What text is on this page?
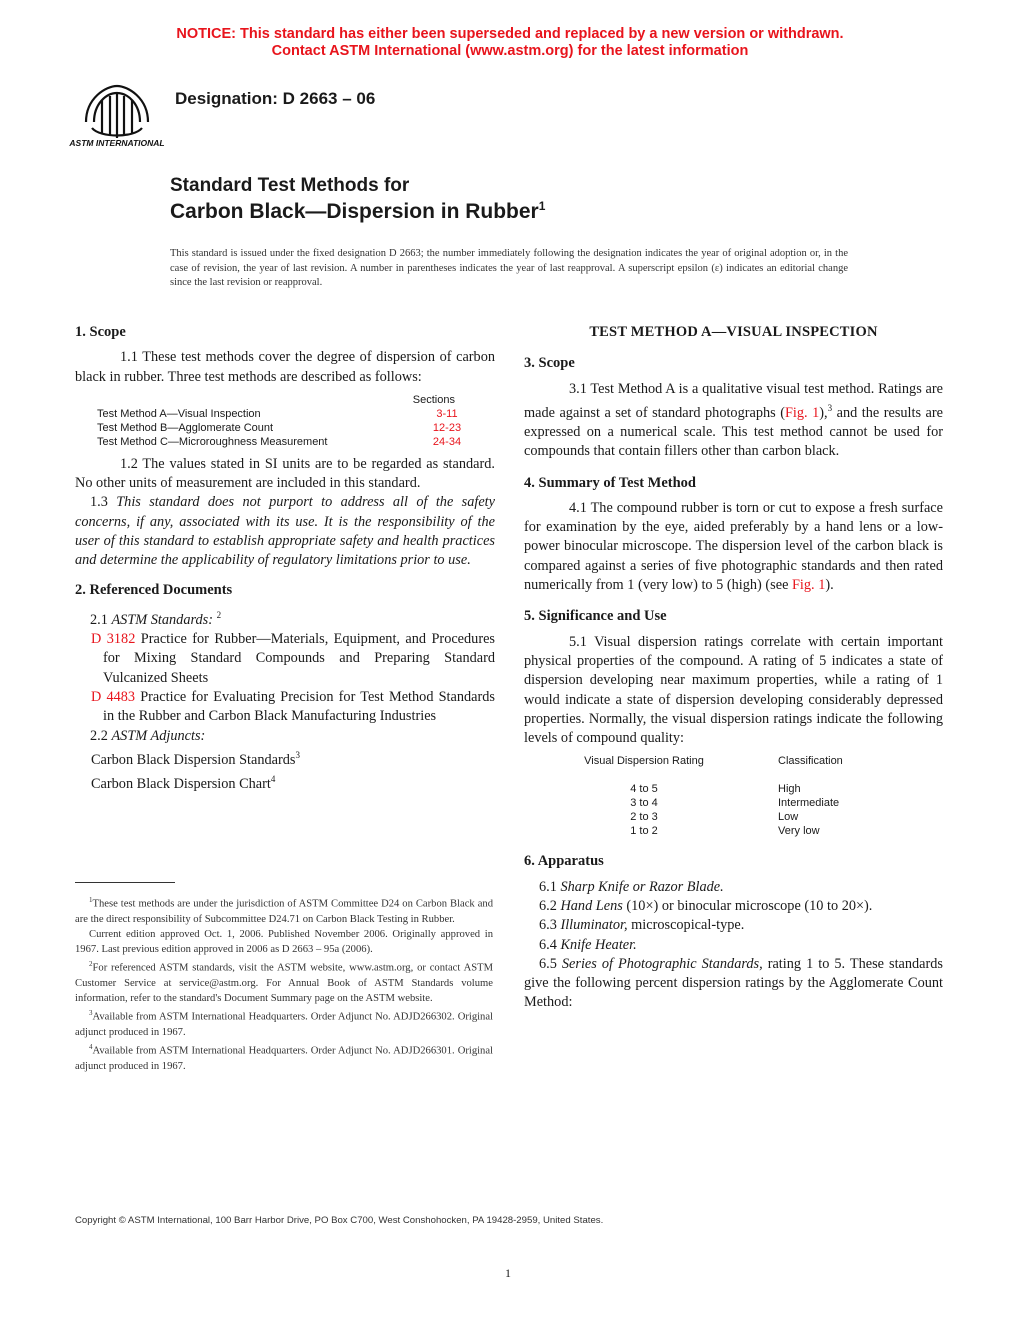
NOTICE: This standard has either been superseded and replaced by a new version or withdrawn.
Contact ASTM International (www.astm.org) for the latest information
ASTM INTERNATIONAL
Designation: D 2663 – 06
Standard Test Methods for
Carbon Black—Dispersion in Rubber$^1$
This standard is issued under the fixed designation D 2663; the number immediately following the designation indicates the year of original adoption or, in the case of revision, the year of last revision. A number in parentheses indicates the year of last reapproval. A superscript epsilon (ε) indicates an editorial change since the last revision or reapproval.
1. Scope

1.1 These test methods cover the degree of dispersion of carbon black in rubber. Three test methods are described as follows:

Sections
Test Method A—Visual Inspection	3-11
Test Method B—Agglomerate Count	12-23
Test Method C—Microroughness Measurement	24-34

1.2 The values stated in SI units are to be regarded as standard. No other units of measurement are included in this standard.

1.3 This standard does not purport to address all of the safety concerns, if any, associated with its use. It is the responsibility of the user of this standard to establish appropriate safety and health practices and determine the applicability of regulatory limitations prior to use.

2. Referenced Documents

2.1 ASTM Standards: $^2$

D 3182 Practice for Rubber—Materials, Equipment, and Procedures for Mixing Standard Compounds and Preparing Standard Vulcanized Sheets

D 4483 Practice for Evaluating Precision for Test Method Standards in the Rubber and Carbon Black Manufacturing Industries

2.2 ASTM Adjuncts:

Carbon Black Dispersion Standards$^3$

Carbon Black Dispersion Chart$^4$

$^1$These test methods are under the jurisdiction of ASTM Committee D24 on Carbon Black and are the direct responsibility of Subcommittee D24.71 on Carbon Black Testing in Rubber.

Current edition approved Oct. 1, 2006. Published November 2006. Originally approved in 1967. Last previous edition approved in 2006 as D 2663 – 95a (2006).

$^2$For referenced ASTM standards, visit the ASTM website, www.astm.org, or contact ASTM Customer Service at service@astm.org. For Annual Book of ASTM Standards volume information, refer to the standard's Document Summary page on the ASTM website.

$^3$Available from ASTM International Headquarters. Order Adjunct No. ADJD266302. Original adjunct produced in 1967.

$^4$Available from ASTM International Headquarters. Order Adjunct No. ADJD266301. Original adjunct produced in 1967.

TEST METHOD A—VISUAL INSPECTION
3. Scope

3.1 Test Method A is a qualitative visual test method. Ratings are made against a set of standard photographs (Fig. 1),$^3$ and the results are expressed on a numerical scale. This test method cannot be used for compounds that contain fillers other than carbon black.

4. Summary of Test Method

4.1 The compound rubber is torn or cut to expose a fresh surface for examination by the eye, aided preferably by a hand lens or a low-power binocular microscope. The dispersion level of the carbon black is compared against a series of five photographic standards and then rated numerically from 1 (very low) to 5 (high) (see Fig. 1).

5. Significance and Use

5.1 Visual dispersion ratings correlate with certain important physical properties of the compound. A rating of 5 indicates a state of dispersion developing near maximum properties, while a rating of 1 would indicate a state of dispersion developing considerably depressed properties. Normally, the visual dispersion ratings indicate the following levels of compound quality:

Visual Dispersion Rating	Classification
4 to 5	High
3 to 4	Intermediate
2 to 3	Low
1 to 2	Very low
6. Apparatus

6.1 Sharp Knife or Razor Blade.

6.2 Hand Lens (10×) or binocular microscope (10 to 20×).

6.3 Illuminator, microscopical-type.

6.4 Knife Heater.

6.5 Series of Photographic Standards, rating 1 to 5. These standards give the following percent dispersion ratings by the Agglomerate Count Method:

Copyright © ASTM International, 100 Barr Harbor Drive, PO Box C700, West Conshohocken, PA 19428-2959, United States.
1
